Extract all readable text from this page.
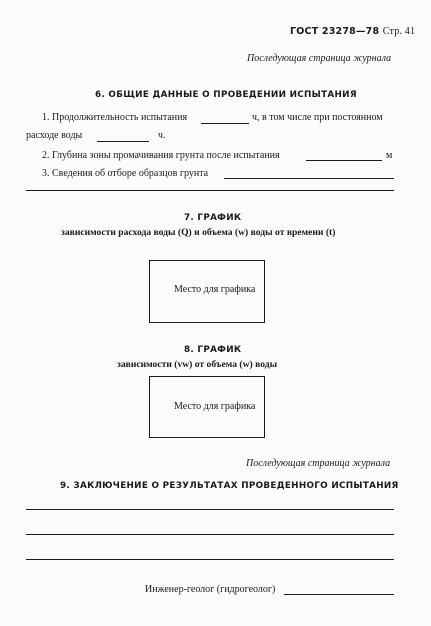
ГОСТ 23278—78 Стр. 41
Последующая страница журнала
6. ОБЩИЕ ДАННЫЕ О ПРОВЕДЕНИИ ИСПЫТАНИЯ
1. Продолжительность испытания	ч, в том числе при постоянном
расходе воды	ч.
2. Глубина зоны промачивания грунта после испытания	м
3. Сведения об отборе образцов грунта
7. ГРАФИК
зависимости расхода воды (Q) и объема (w) воды от времени (t)
Место для графика
8. ГРАФИК
зависимости (vw) от объема (w) воды
Место для графика
Последующая страница журнала
9. ЗАКЛЮЧЕНИЕ О РЕЗУЛЬТАТАХ ПРОВЕДЕННОГО ИСПЫТАНИЯ
Инженер-геолог (гидрогеолог)
